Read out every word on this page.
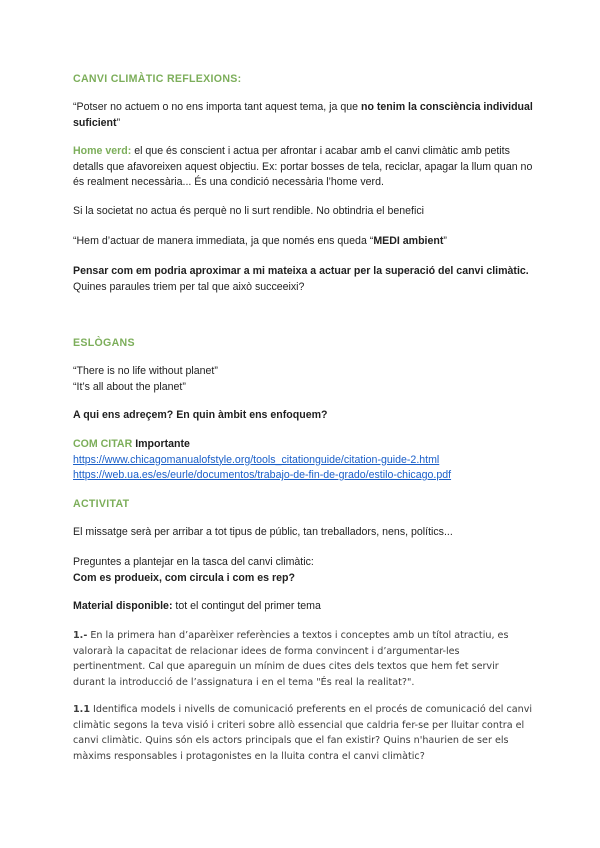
CANVI CLIMÀTIC REFLEXIONS:

“Potser no actuem o no ens importa tant aquest tema, ja que no tenim la consciència individual suficient”

Home verd: el que és conscient i actua per afrontar i acabar amb el canvi climàtic amb petits detalls que afavoreixen aquest objectiu. Ex: portar bosses de tela, reciclar, apagar la llum quan no és realment necessària... És una condició necessària l’home verd.

Si la societat no actua és perquè no li surt rendible. No obtindria el benefici

“Hem d’actuar de manera immediata, ja que només ens queda “MEDI ambient”

Pensar com em podria aproximar a mi mateixa a actuar per la superació del canvi climàtic.
Quines paraules triem per tal que això succeeixi?

ESLÒGANS

“There is no life without planet”
“It’s all about the planet”

A qui ens adreçem? En quin àmbit ens enfoquem?

COM CITAR Importante
https://www.chicagomanualofstyle.org/tools_citationguide/citation-guide-2.html
https://web.ua.es/es/eurle/documentos/trabajo-de-fin-de-grado/estilo-chicago.pdf

ACTIVITAT

El missatge serà per arribar a tot tipus de públic, tan treballadors, nens, polítics...

Preguntes a plantejar en la tasca del canvi climàtic:
Com es produeix, com circula i com es rep?

Material disponible: tot el contingut del primer tema

1.- En la primera han d’aparèixer referències a textos i conceptes amb un títol atractiu, es valorarà la capacitat de relacionar idees de forma convincent i d’argumentar-les pertinentment. Cal que apareguin un mínim de dues cites dels textos que hem fet servir durant la introducció de l’assignatura i en el tema "És real la realitat?".

1.1 Identifica models i nivells de comunicació preferents en el procés de comunicació del canvi climàtic segons la teva visió i criteri sobre allò essencial que caldria fer-se per lluitar contra el canvi climàtic. Quins són els actors principals que el fan existir? Quins n'haurien de ser els màxims responsables i protagonistes en la lluita contra el canvi climàtic?
